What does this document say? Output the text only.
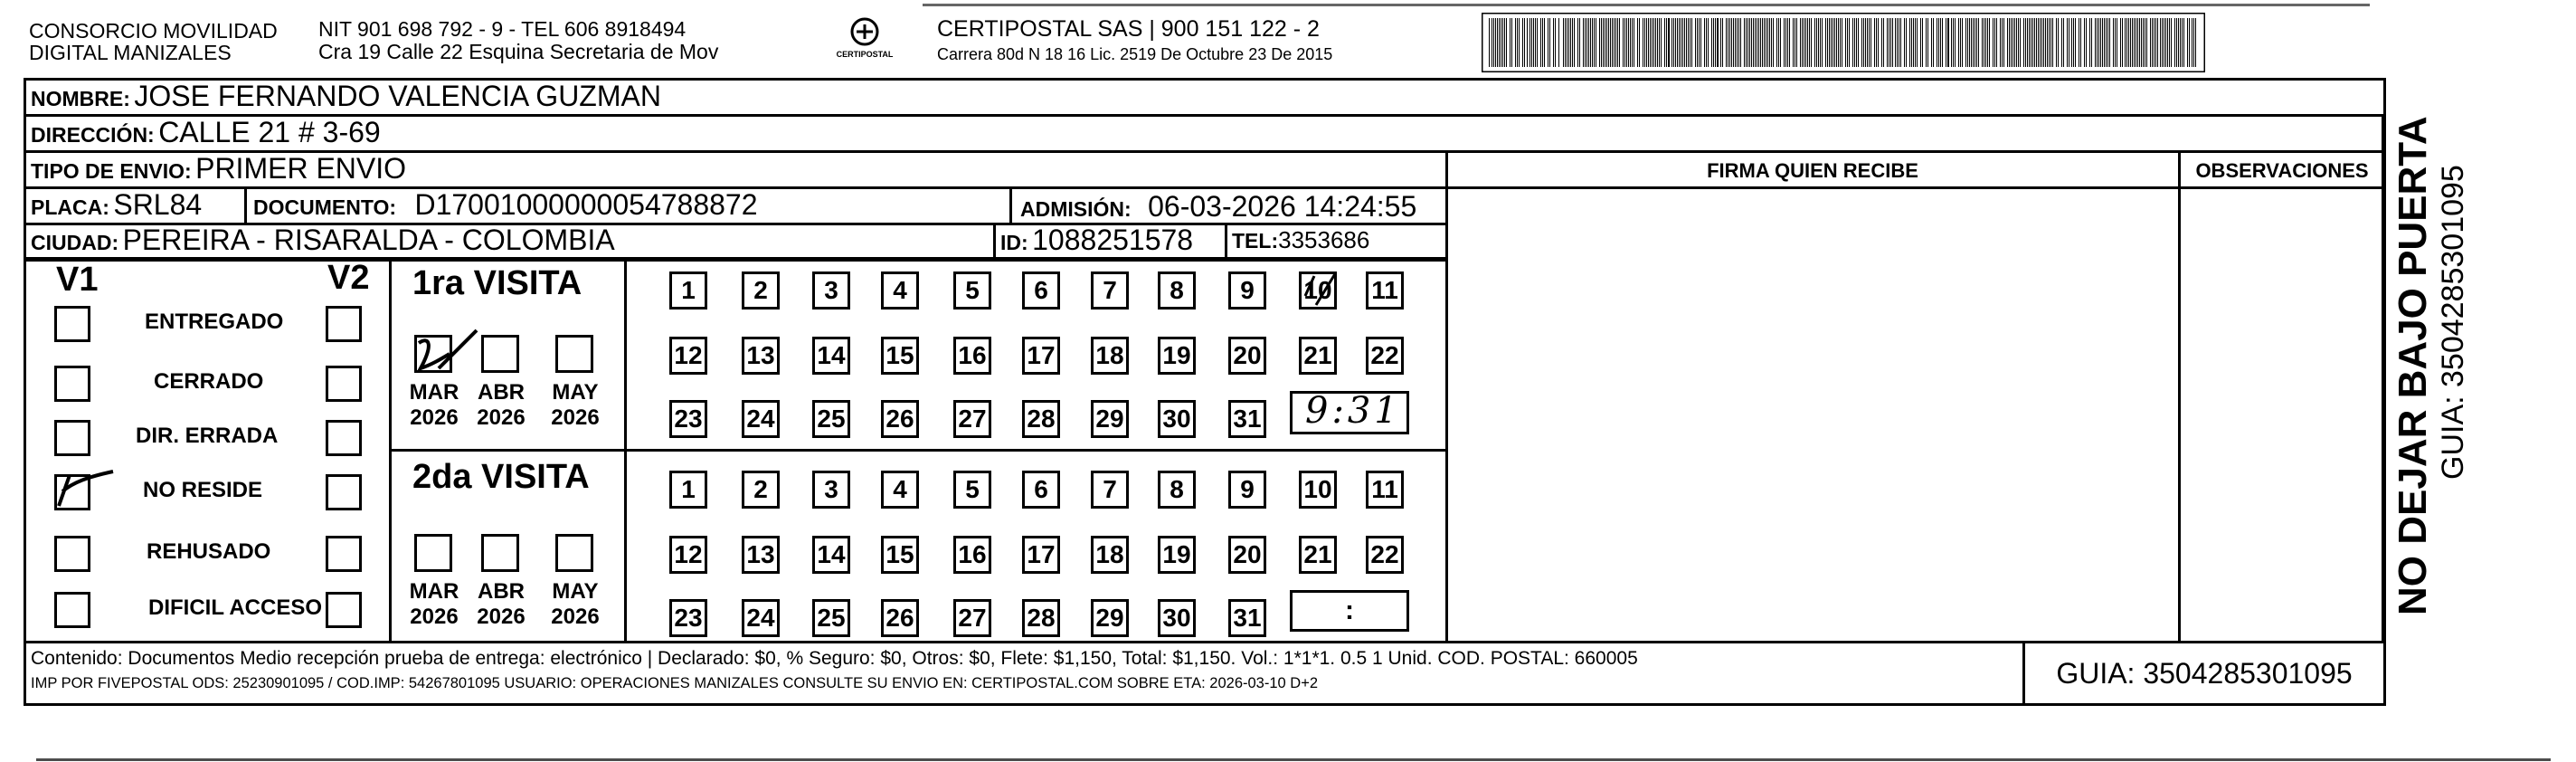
CONSORCIO MOVILIDAD
DIGITAL MANIZALES
NIT 901 698 792 - 9 - TEL 606 8918494
Cra 19 Calle 22 Esquina Secretaria de Mov	CERTIPOSTAL
CERTIPOSTAL SAS | 900 151 122 - 2
Carrera 80d N 18 16 Lic. 2519 De Octubre 23 De 2015
NOMBRE: JOSE FERNANDO VALENCIA GUZMAN
DIRECCIÓN: CALLE 21 # 3-69
TIPO DE ENVIO: PRIMER ENVIO	FIRMA QUIEN RECIBE	OBSERVACIONES
PLACA: SRL84 DOCUMENTO: D17001000000054788872	ADMISIÓN: 06-03-2026 14:24:55
CIUDAD: PEREIRA - RISARALDA - COLOMBIA	ID: 1088251578 TEL:3353686
V1	V2
ENTREGADO
CERRADO
DIR. ERRADA
NO RESIDE
REHUSADO
DIFICIL ACCESO
1ra VISITA
2da VISITA
MAR
2026
ABR
2026
MAY
2026
1 2 3 4 5 6 7 8 9 10 11
12 13 14 15 16 17 18 19 20 21 22
23 24 25 26 27 28 29 30 31
MAR
2026
ABR
2026
MAY
2026
1 2 3 4 5 6 7 8 9 10 11
12 13 14 15 16 17 18 19 20 21 22
23 24 25 26 27 28 29 30 31
9:31
:
Contenido: Documentos Medio recepción prueba de entrega: electrónico | Declarado: $0, % Seguro: $0, Otros: $0, Flete: $1,150, Total: $1,150. Vol.: 1*1*1. 0.5 1 Unid. COD. POSTAL: 660005
IMP POR FIVEPOSTAL ODS: 25230901095 / COD.IMP: 54267801095 USUARIO: OPERACIONES MANIZALES CONSULTE SU ENVIO EN: CERTIPOSTAL.COM SOBRE ETA: 2026-03-10 D+2	GUIA: 3504285301095
NO DEJAR BAJO PUERTA GUIA: 3504285301095
